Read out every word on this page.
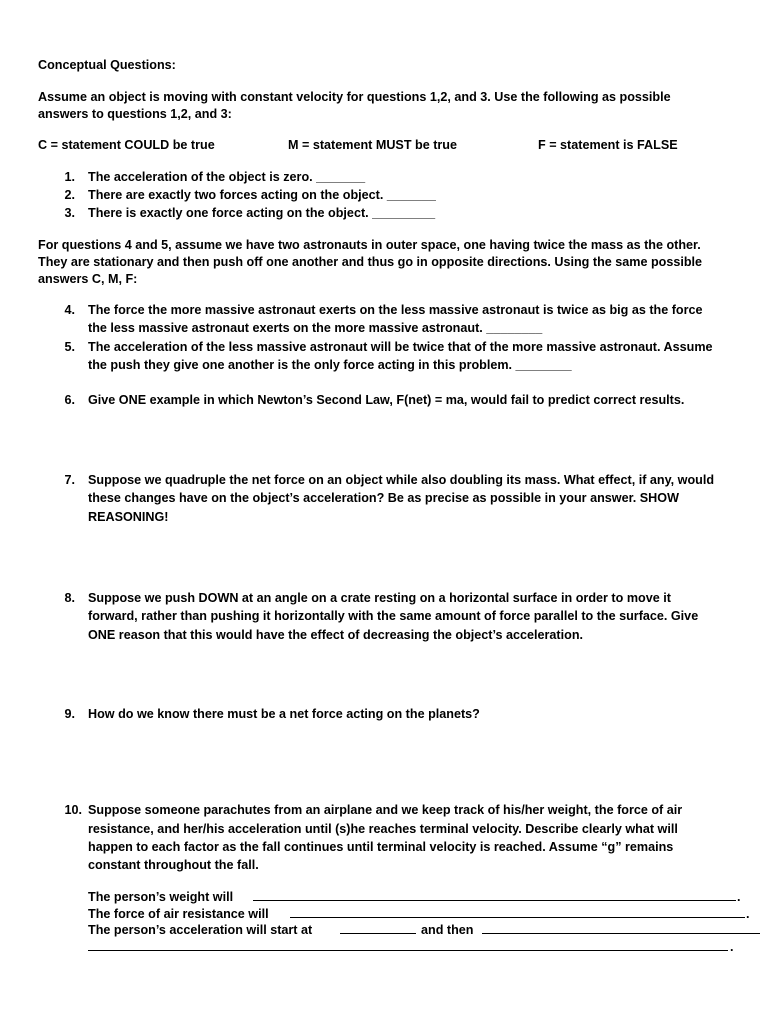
Conceptual Questions:
Assume an object is moving with constant velocity for questions 1,2, and 3. Use the following as possible
answers to questions 1,2, and 3:
C = statement COULD be true	M = statement MUST be true	F = statement is FALSE
1. The acceleration of the object is zero. _______
2. There are exactly two forces acting on the object. _______
3. There is exactly one force acting on the object. _________
For questions 4 and 5, assume we have two astronauts in outer space, one having twice the mass as the other.
They are stationary and then push off one another and thus go in opposite directions. Using the same possible
answers C, M, F:
4. The force the more massive astronaut exerts on the less massive astronaut is twice as big as the force
the less massive astronaut exerts on the more massive astronaut. ________
5. The acceleration of the less massive astronaut will be twice that of the more massive astronaut. Assume
the push they give one another is the only force acting in this problem. ________
6. Give ONE example in which Newton’s Second Law, F(net) = ma, would fail to predict correct results.
7. Suppose we quadruple the net force on an object while also doubling its mass. What effect, if any, would
these changes have on the object’s acceleration? Be as precise as possible in your answer. SHOW
REASONING!
8. Suppose we push DOWN at an angle on a crate resting on a horizontal surface in order to move it
forward, rather than pushing it horizontally with the same amount of force parallel to the surface. Give
ONE reason that this would have the effect of decreasing the object’s acceleration.
9. How do we know there must be a net force acting on the planets?
10. Suppose someone parachutes from an airplane and we keep track of his/her weight, the force of air
resistance, and her/his acceleration until (s)he reaches terminal velocity. Describe clearly what will
happen to each factor as the fall continues until terminal velocity is reached. Assume “g” remains
constant throughout the fall.
The person’s weight will	.
The force of air resistance will	.
The person’s acceleration will start at	and then
.
